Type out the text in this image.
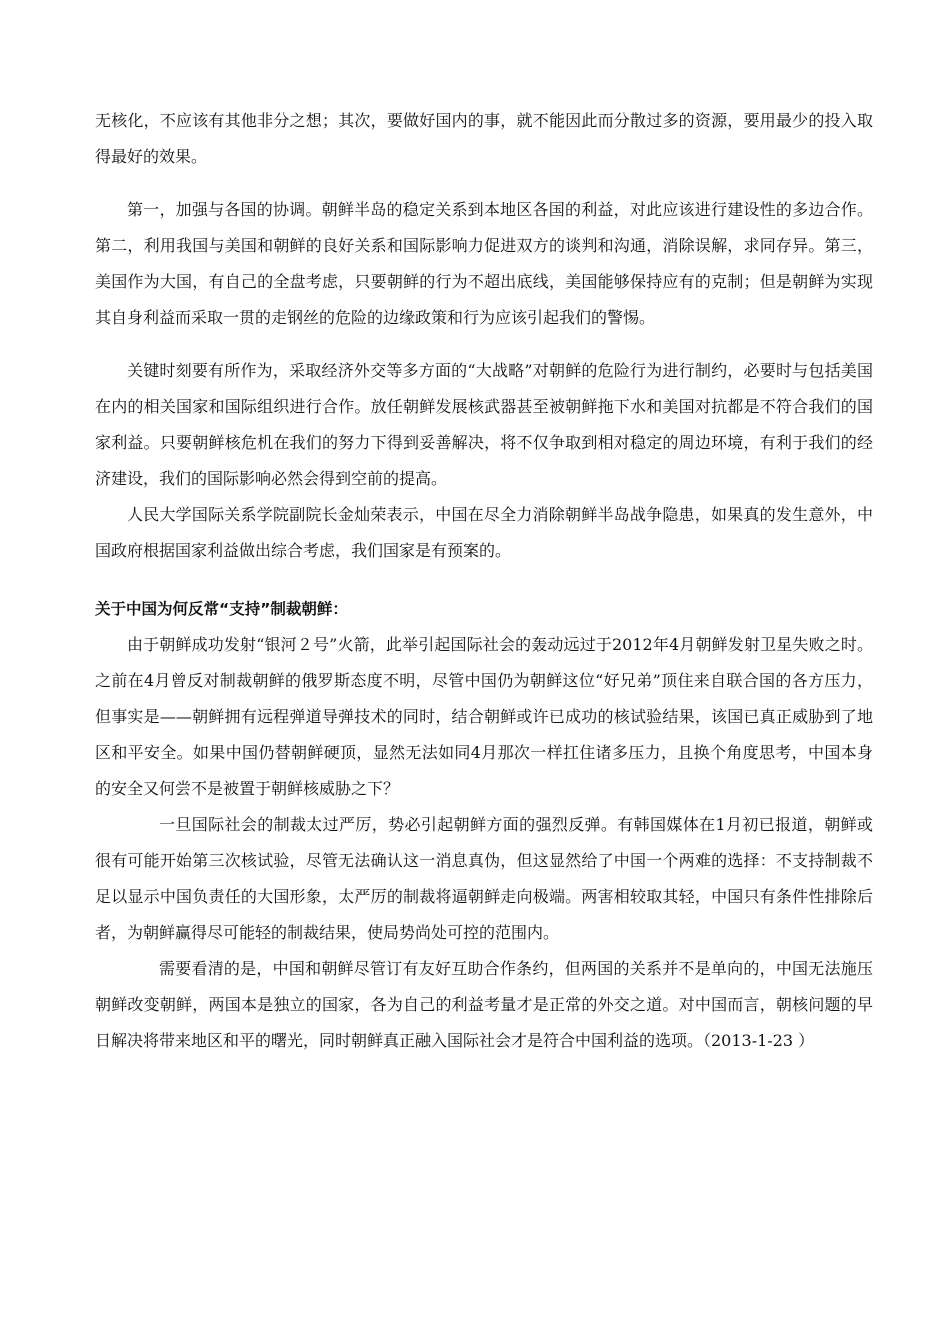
无核化，不应该有其他非分之想；其次，要做好国内的事，就不能因此而分散过多的资源，要用最少的投入取得最好的效果。

第一，加强与各国的协调。朝鲜半岛的稳定关系到本地区各国的利益，对此应该进行建设性的多边合作。第二，利用我国与美国和朝鲜的良好关系和国际影响力促进双方的谈判和沟通，消除误解，求同存异。第三，美国作为大国，有自己的全盘考虑，只要朝鲜的行为不超出底线，美国能够保持应有的克制；但是朝鲜为实现其自身利益而采取一贯的走钢丝的危险的边缘政策和行为应该引起我们的警惕。

关键时刻要有所作为，采取经济外交等多方面的“大战略”对朝鲜的危险行为进行制约，必要时与包括美国在内的相关国家和国际组织进行合作。放任朝鲜发展核武器甚至被朝鲜拖下水和美国对抗都是不符合我们的国家利益。只要朝鲜核危机在我们的努力下得到妥善解决，将不仅争取到相对稳定的周边环境，有利于我们的经济建设，我们的国际影响必然会得到空前的提高。

人民大学国际关系学院副院长金灿荣表示，中国在尽全力消除朝鲜半岛战争隐患，如果真的发生意外，中国政府根据国家利益做出综合考虑，我们国家是有预案的。

关于中国为何反常“支持”制裁朝鲜：

由于朝鲜成功发射“银河２号”火箭，此举引起国际社会的轰动远过于2012年4月朝鲜发射卫星失败之时。之前在4月曾反对制裁朝鲜的俄罗斯态度不明，尽管中国仍为朝鲜这位“好兄弟”顶住来自联合国的各方压力，但事实是——朝鲜拥有远程弹道导弹技术的同时，结合朝鲜或许已成功的核试验结果，该国已真正威胁到了地区和平安全。如果中国仍替朝鲜硬顶，显然无法如同4月那次一样扛住诸多压力，且换个角度思考，中国本身的安全又何尝不是被置于朝鲜核威胁之下？

一旦国际社会的制裁太过严厉，势必引起朝鲜方面的强烈反弹。有韩国媒体在1月初已报道，朝鲜或很有可能开始第三次核试验，尽管无法确认这一消息真伪，但这显然给了中国一个两难的选择：不支持制裁不足以显示中国负责任的大国形象，太严厉的制裁将逼朝鲜走向极端。两害相较取其轻，中国只有条件性排除后者，为朝鲜赢得尽可能轻的制裁结果，使局势尚处可控的范围内。

需要看清的是，中国和朝鲜尽管订有友好互助合作条约，但两国的关系并不是单向的，中国无法施压朝鲜改变朝鲜，两国本是独立的国家，各为自己的利益考量才是正常的外交之道。对中国而言，朝核问题的早日解决将带来地区和平的曙光，同时朝鲜真正融入国际社会才是符合中国利益的选项。（2013-1-23 ）
